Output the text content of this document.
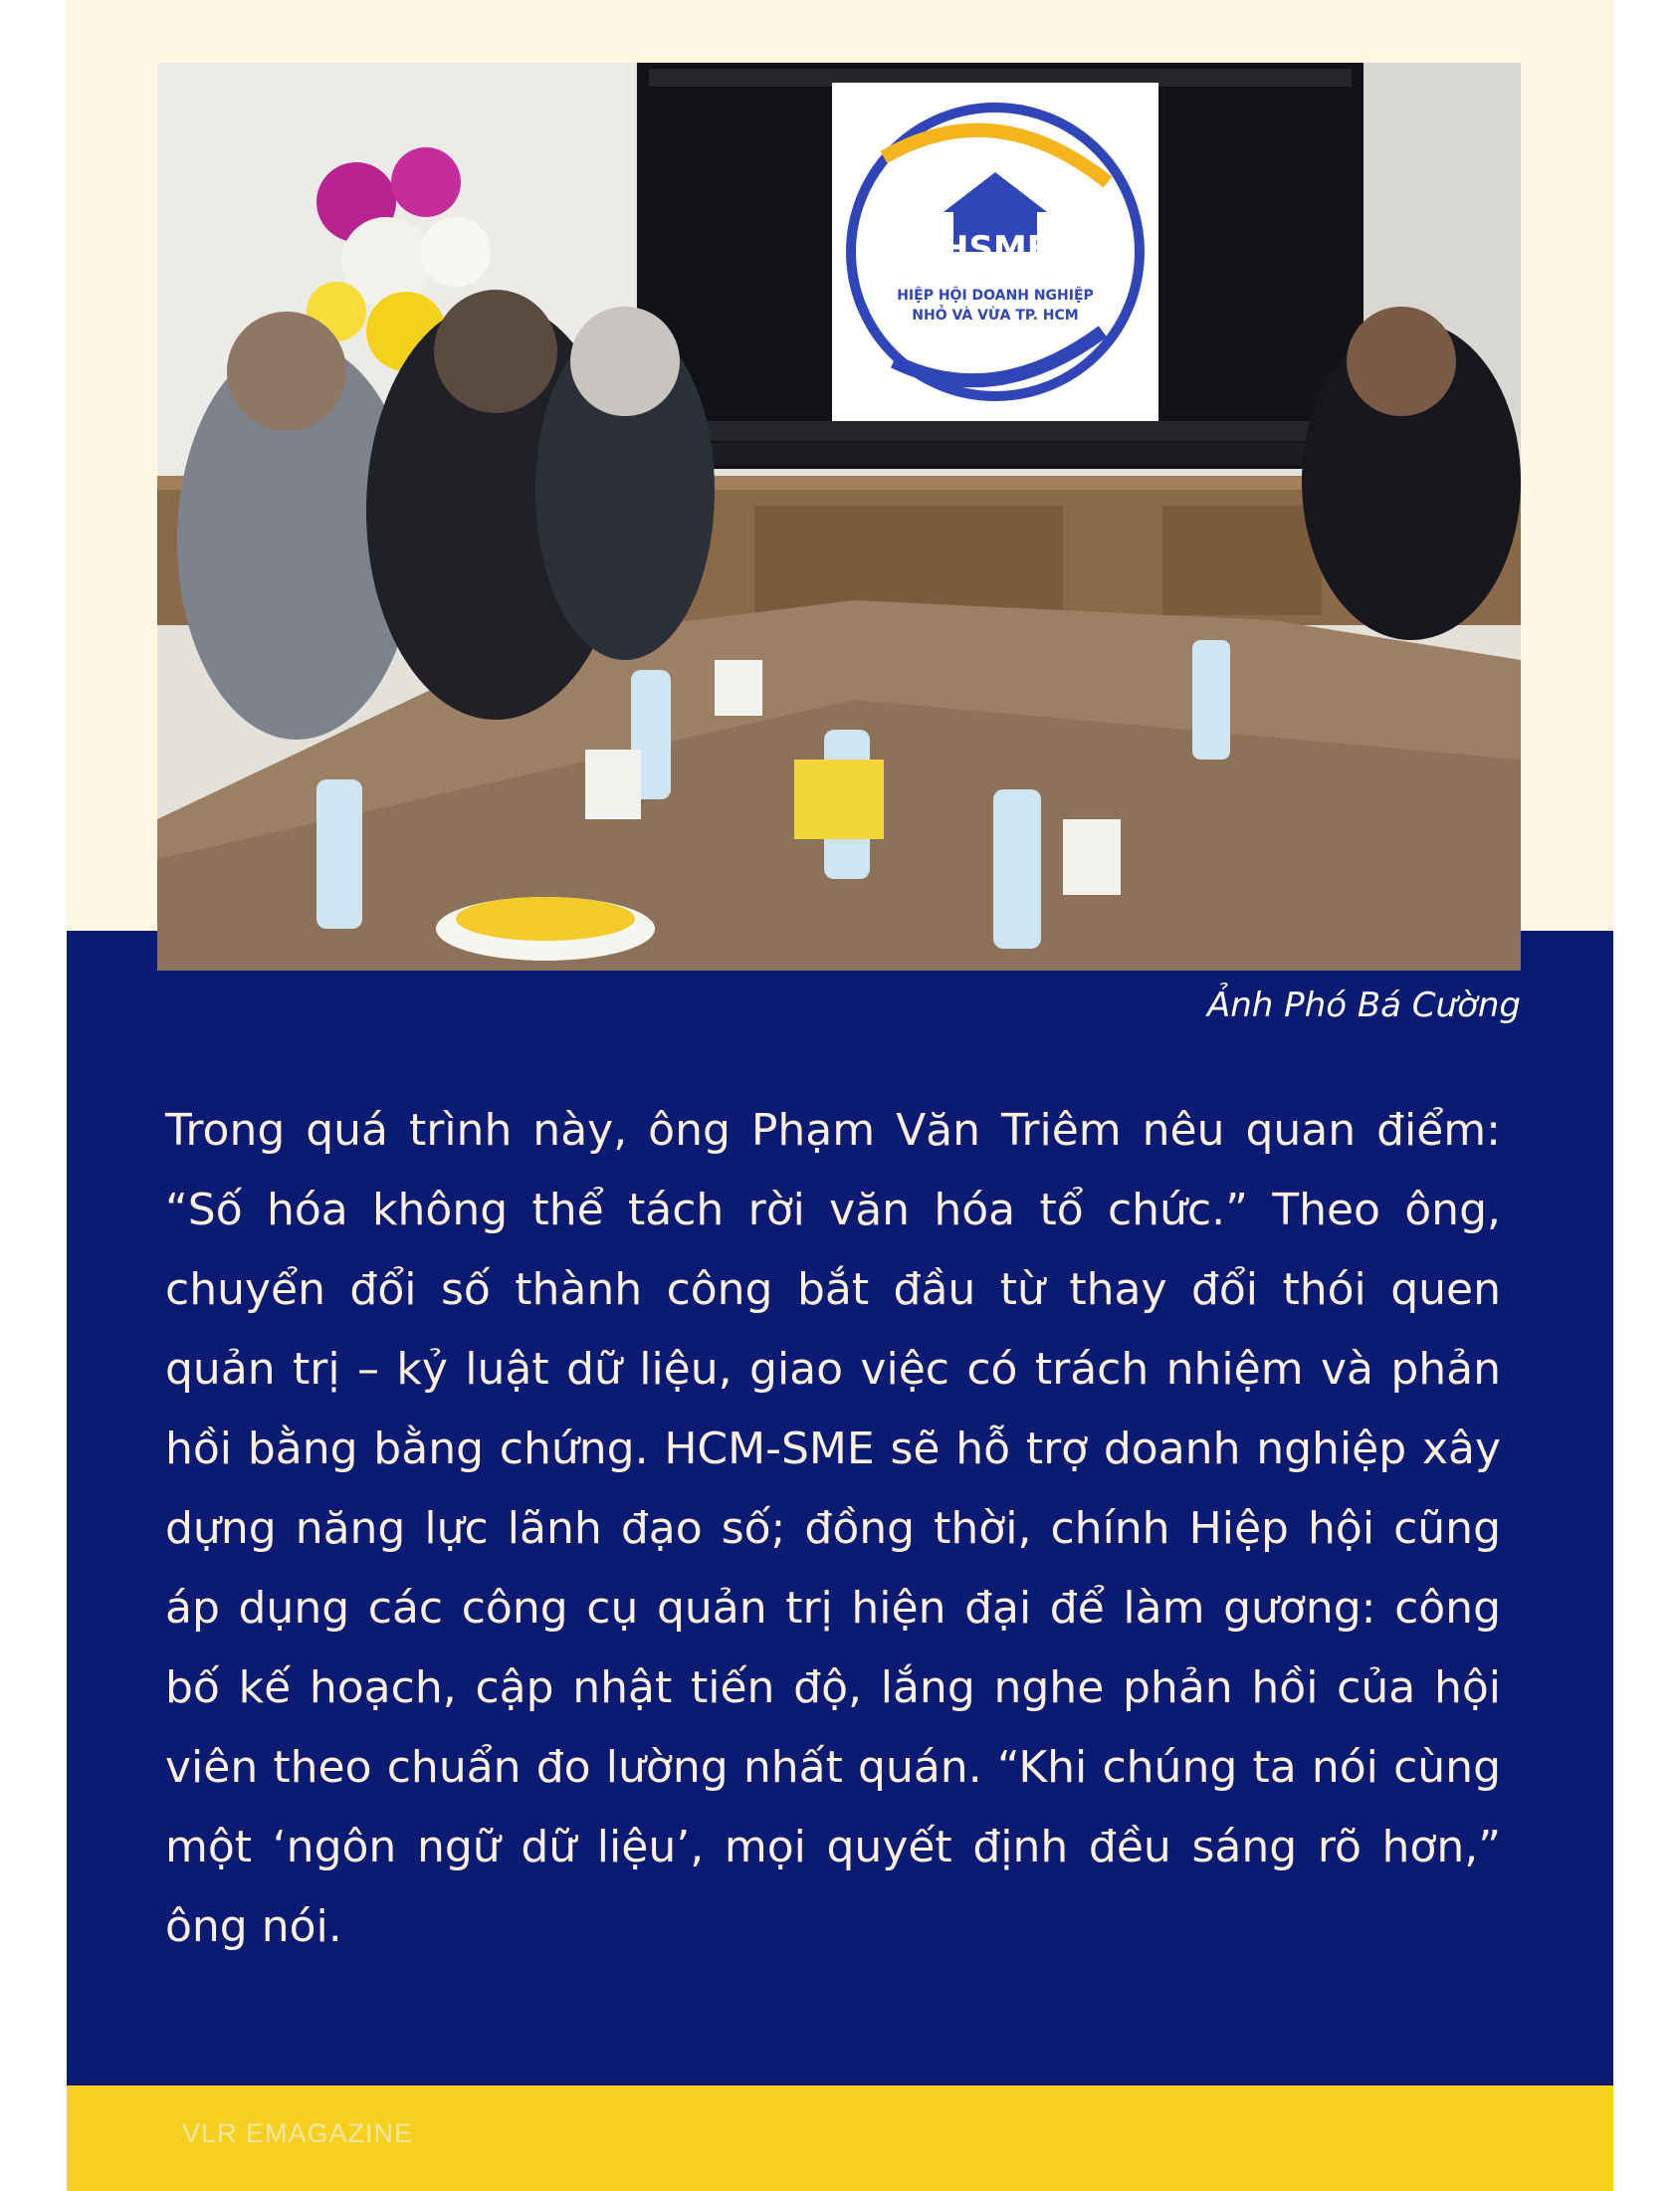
HSME
HIỆP HỘI DOANH NGHIỆP
NHỎ VÀ VỪA TP. HCM
Ảnh Phó Bá Cường

Trong quá trình này, ông Phạm Văn Triêm nêu quan điểm: “Số hóa không thể tách rời văn hóa tổ chức.” Theo ông, chuyển đổi số thành công bắt đầu từ thay đổi thói quen quản trị – kỷ luật dữ liệu, giao việc có trách nhiệm và phản hồi bằng bằng chứng. HCM-SME sẽ hỗ trợ doanh nghiệp xây dựng năng lực lãnh đạo số; đồng thời, chính Hiệp hội cũng áp dụng các công cụ quản trị hiện đại để làm gương: công bố kế hoạch, cập nhật tiến độ, lắng nghe phản hồi của hội viên theo chuẩn đo lường nhất quán. “Khi chúng ta nói cùng một ‘ngôn ngữ dữ liệu’, mọi quyết định đều sáng rõ hơn,” ông nói.

VLR EMAGAZINE
